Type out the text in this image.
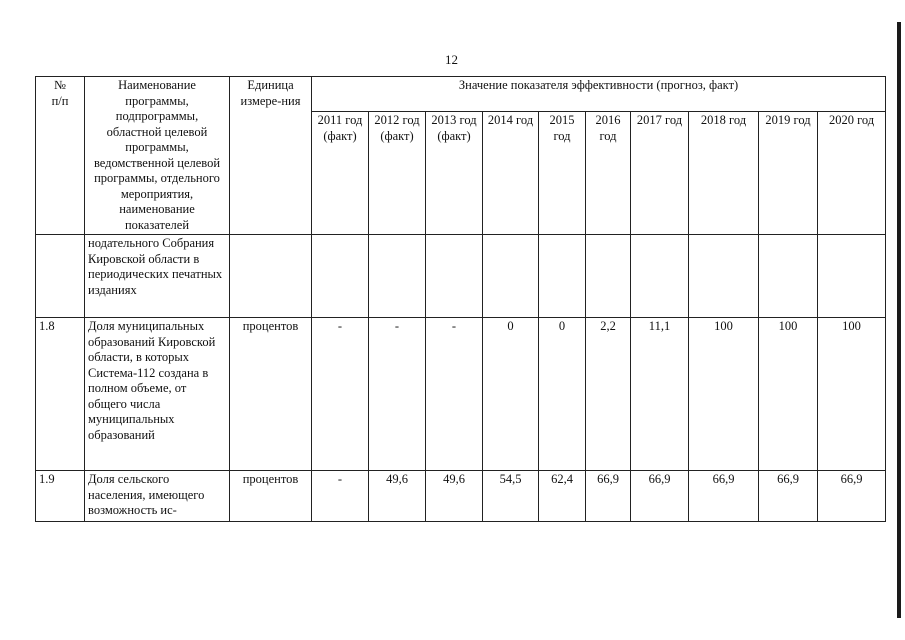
12
№
п/п	Наименование программы, подпрограммы, областной целевой программы, ведомственной целевой программы, отдельного мероприятия, наименование показателей	Единица измере-ния	Значение показателя эффективности (прогноз, факт)									
			2011 год (факт)	2012 год (факт)	2013 год (факт)	2014 год	2015 год	2016 год	2017 год	2018 год	2019 год	2020 год
	нодательного Собрания Кировской области в периодических печатных изданиях											
1.8	Доля муниципальных образований Кировской области, в которых Система-112 создана в полном объеме, от общего числа муниципальных образований	процентов	-	-	-	0	0	2,2	11,1	100	100	100
1.9	Доля сельского населения, имеющего возможность ис-	процентов	-	49,6	49,6	54,5	62,4	66,9	66,9	66,9	66,9	66,9
